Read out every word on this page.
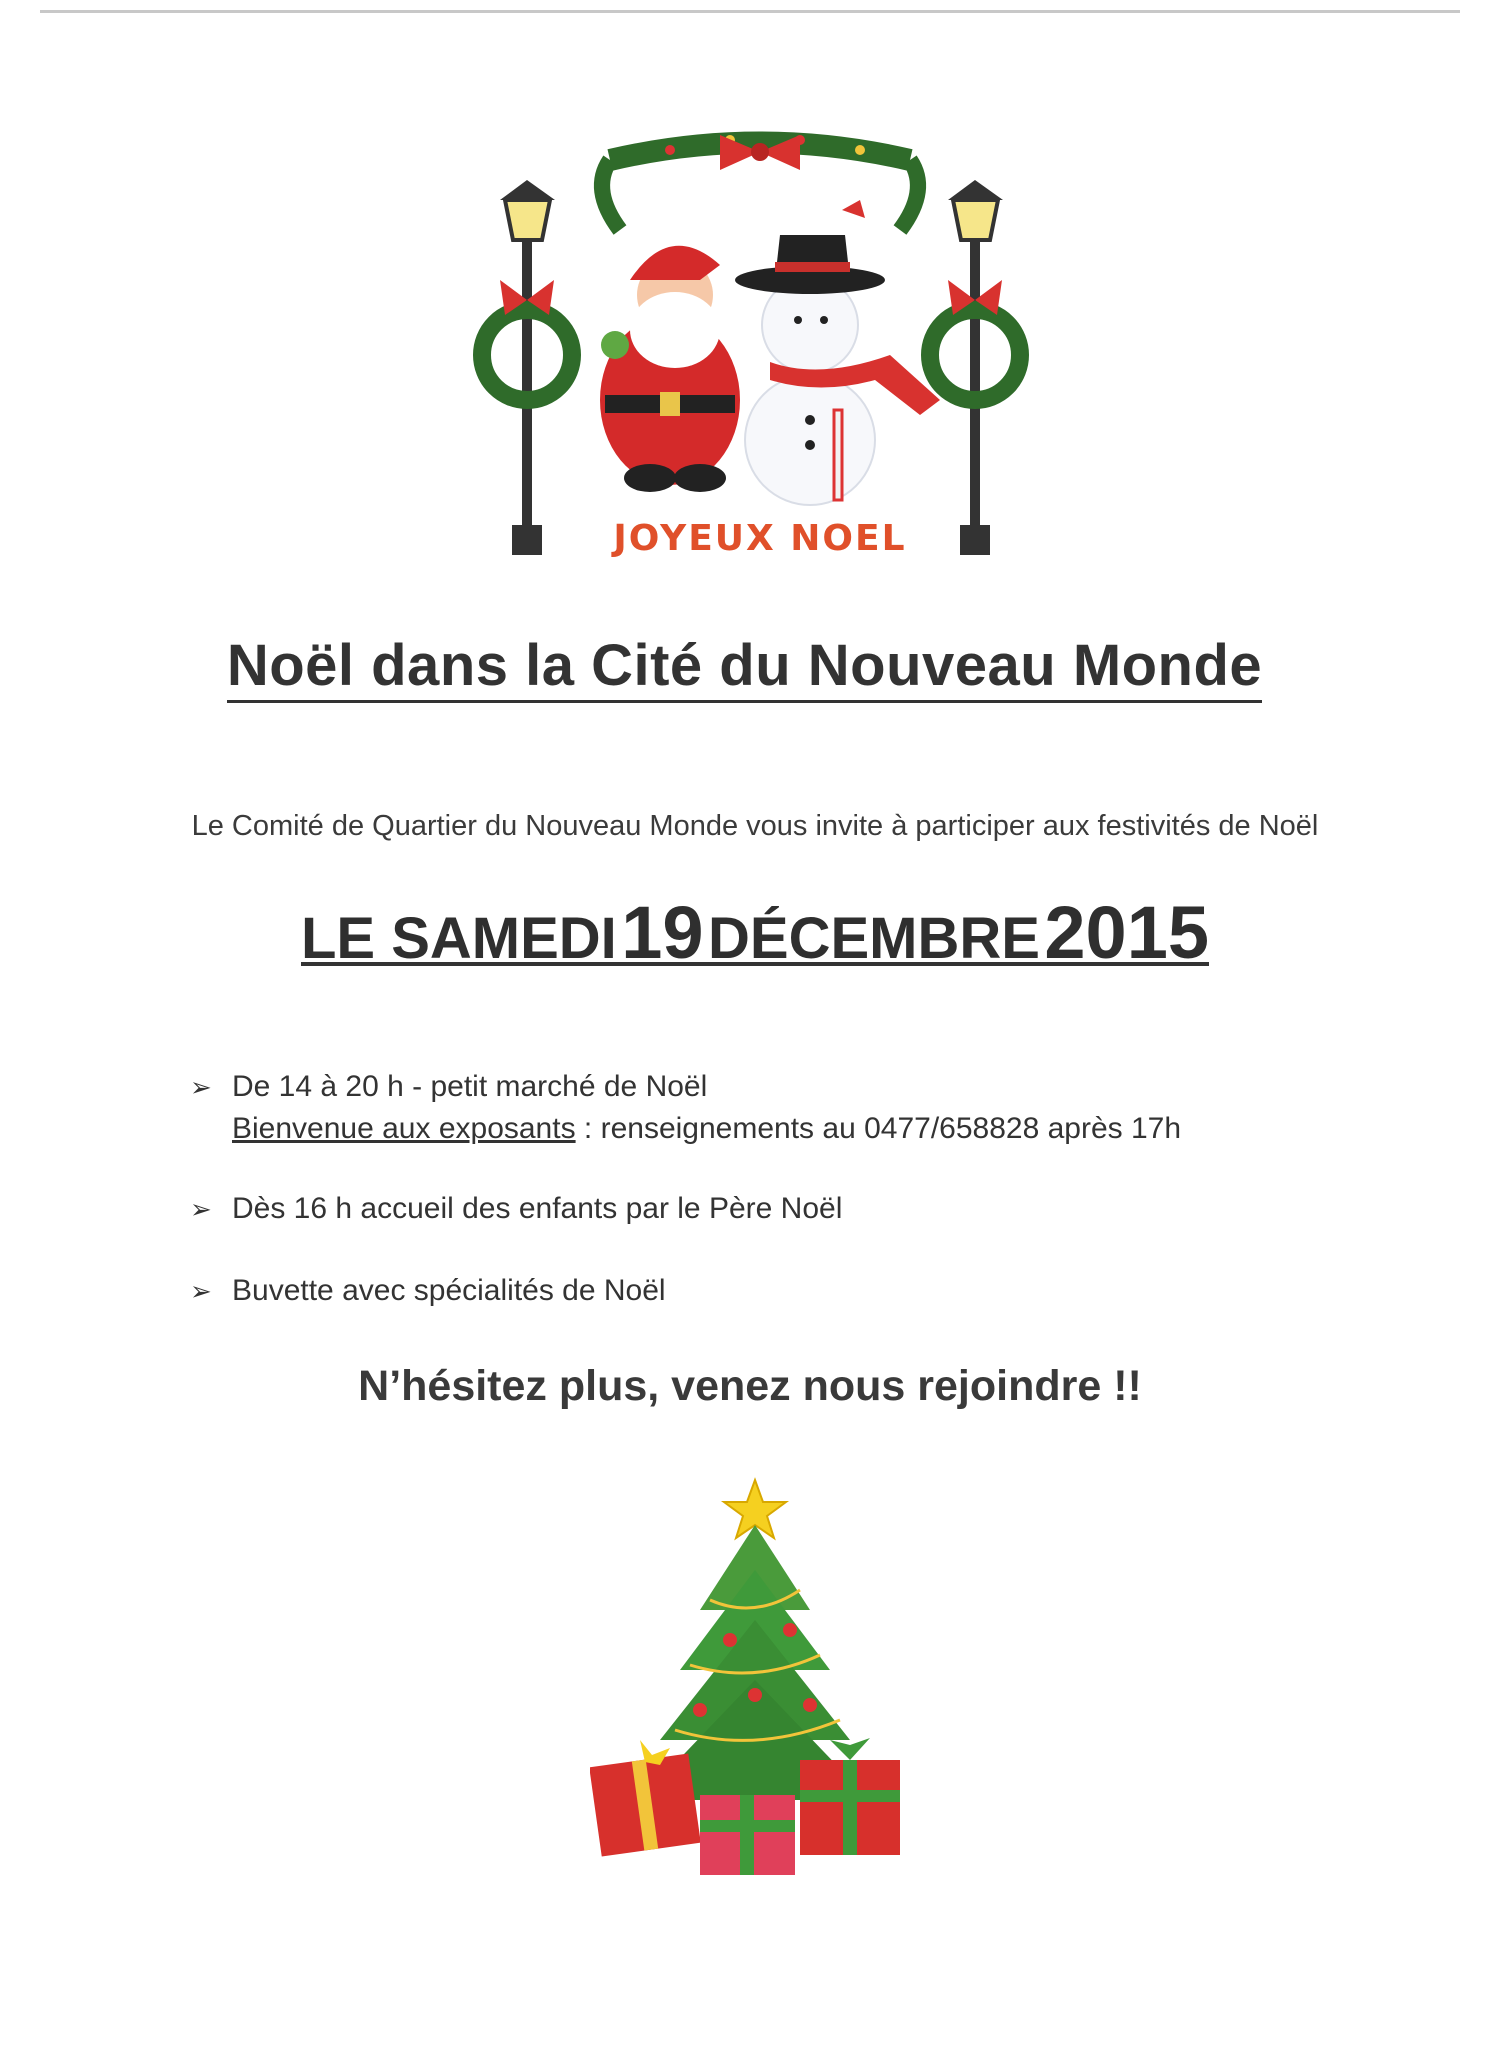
JOYEUX NOEL
Noël dans la Cité du Nouveau Monde
Le Comité de Quartier du Nouveau Monde vous invite à participer aux festivités de Noël
LE SAMEDI 19 DÉCEMBRE 2015
➢ De 14 à 20 h - petit marché de Noël
Bienvenue aux exposants : renseignements au 0477/658828 après 17h
➢ Dès 16 h accueil des enfants par le Père Noël
➢ Buvette avec spécialités de Noël
N’hésitez plus, venez nous rejoindre !!
